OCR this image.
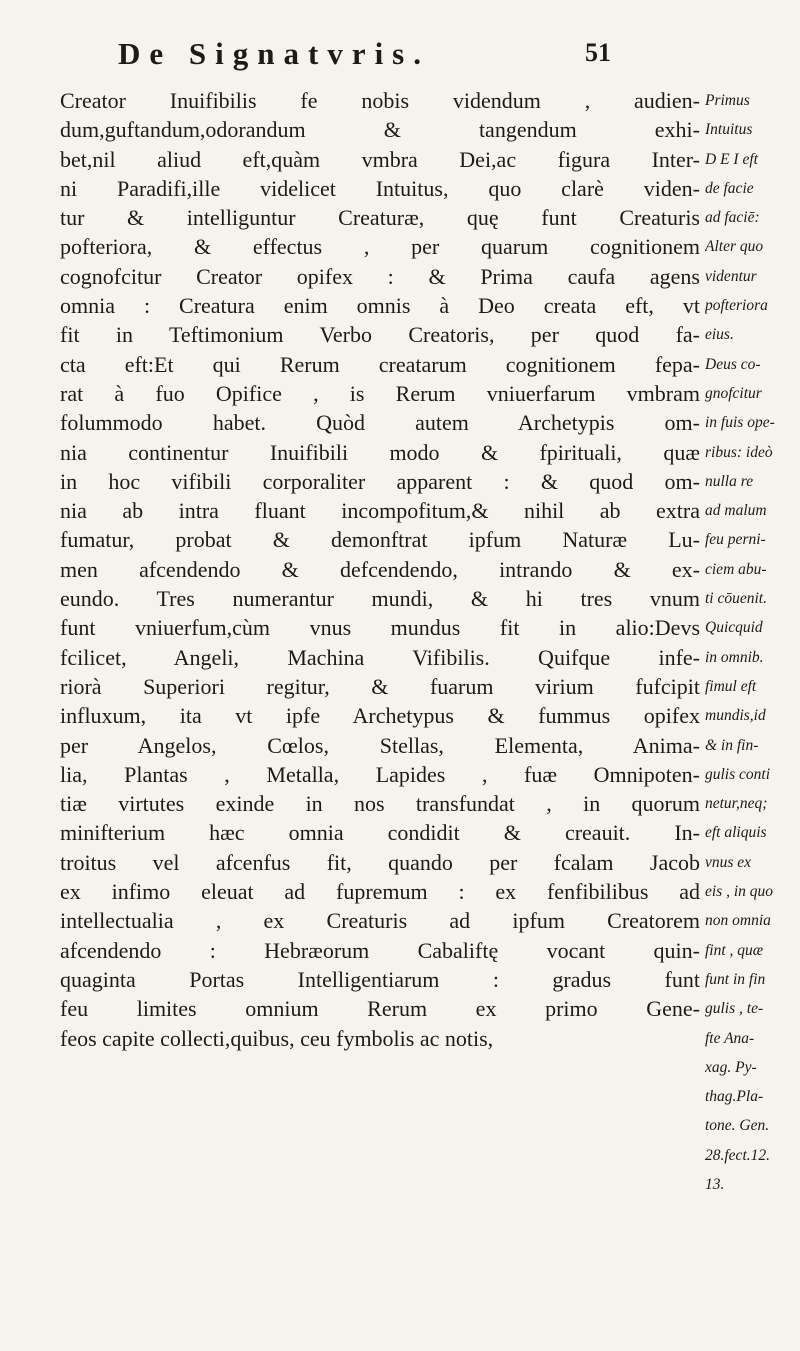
De Signatvris.	51
Creator Inuifibilis fe nobis videndum , audien-
dum,guftandum,odorandum & tangendum exhi-
bet,nil aliud eft,quàm vmbra Dei,ac figura Inter-
ni Paradifi,ille videlicet Intuitus, quo clarè viden-
tur & intelliguntur Creaturæ, quę funt Creaturis
pofteriora, & effectus , per quarum cognitionem
cognofcitur Creator opifex : & Prima caufa agens
omnia : Creatura enim omnis à Deo creata eft, vt
fit in Teftimonium Verbo Creatoris, per quod fa-
cta eft:Et qui Rerum creatarum cognitionem fepa-
rat à fuo Opifice , is Rerum vniuerfarum vmbram
folummodo habet. Quòd autem Archetypis om-
nia continentur Inuifibili modo & fpirituali, quæ
in hoc vifibili corporaliter apparent : & quod om-
nia ab intra fluant incompofitum,& nihil ab extra
fumatur, probat & demonftrat ipfum Naturæ Lu-
men afcendendo & defcendendo, intrando & ex-
eundo. Tres numerantur mundi, & hi tres vnum
funt vniuerfum,cùm vnus mundus fit in alio:Devs
fcilicet, Angeli, Machina Vifibilis. Quifque infe-
riorà Superiori regitur, & fuarum virium fufcipit
influxum, ita vt ipfe Archetypus & fummus opifex
per Angelos, Cœlos, Stellas, Elementa, Anima-
lia, Plantas , Metalla, Lapides , fuæ Omnipoten-
tiæ virtutes exinde in nos transfundat , in quorum
minifterium hæc omnia condidit & creauit. In-
troitus vel afcenfus fit, quando per fcalam Jacob
ex infimo eleuat ad fupremum : ex fenfibilibus ad
intellectualia , ex Creaturis ad ipfum Creatorem
afcendendo : Hebræorum Cabaliftę vocant quin-
quaginta Portas Intelligentiarum : gradus funt
feu limites omnium Rerum ex primo Gene-
feos capite collecti,quibus, ceu fymbolis ac notis,
Primus
Intuitus
D E I eft
de facie
ad faciē:
Alter quo
videntur
pofteriora
eius.
Deus co-
gnofcitur
in fuis ope-
ribus: ideò
nulla re
ad malum
feu perni-
ciem abu-
ti cōuenit.
Quicquid
in omnib.
fimul eft
mundis,id
& in fin-
gulis conti
netur,neq;
eft aliquis
vnus ex
eis , in quo
non omnia
fint , quæ
funt in fin
gulis , te-
fte Ana-
xag. Py-
thag.Pla-
tone. Gen.
28.fect.12.
13.
